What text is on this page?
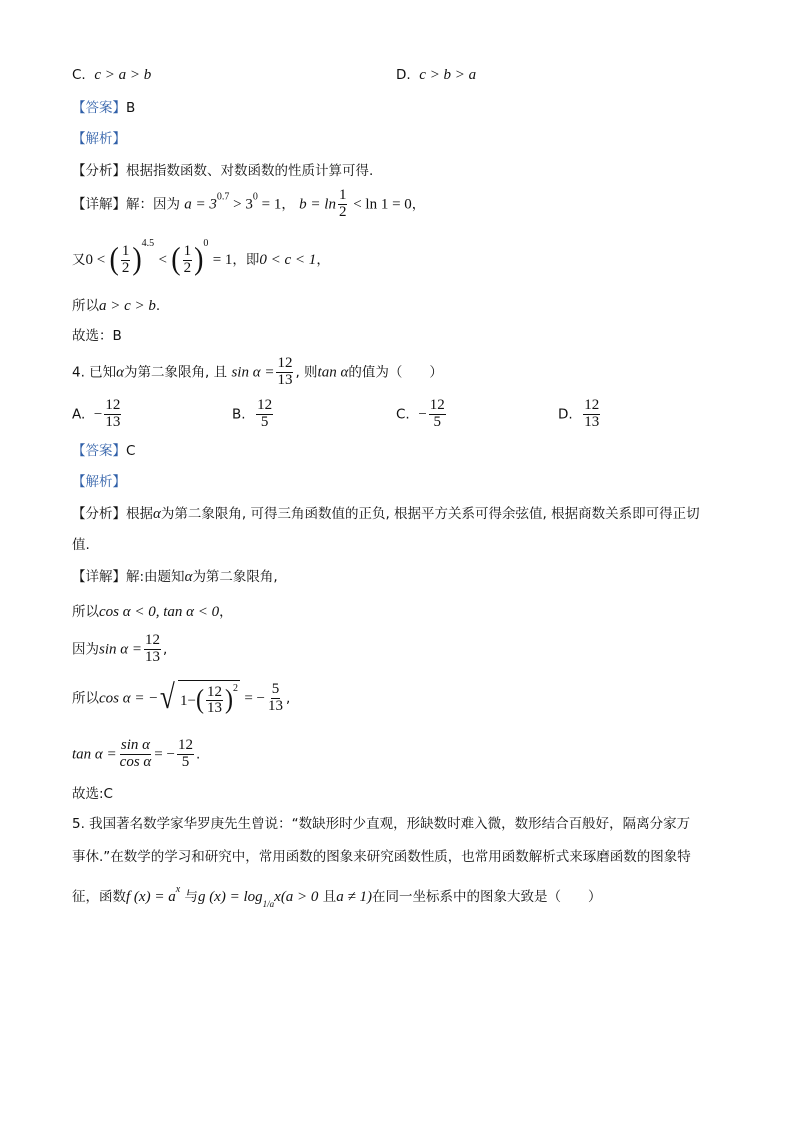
C. c > a > b	D. c > b > a
【答案】B
【解析】
【分析】根据指数函数、对数函数的性质计算可得.
【详解】解：因为 $a = 3^{0.7} > 3^0 = 1$， $b = \ln \frac{1}{2} < \ln 1 = 0$，
又0 < ( $\frac{1}{2} )^{4.5}$ < ( $\frac{1}{2} )^0 = 1$，即0 < c < 1，
所以a > c > b.
故选：B
4. 已知α为第二象限角, 且 $\sin \alpha = \frac{12}{13}$ , 则tan α的值为（　　）
A. − $\frac{12}{13}$	B. $\frac{12}{5}$	C. − $\frac{12}{5}$	D. $\frac{12}{13}$
【答案】C
【解析】
【分析】根据α为第二象限角, 可得三角函数值的正负, 根据平方关系可得余弦值, 根据商数关系即可得正切
值.
【详解】解:由题知α为第二象限角,
所以cos α < 0, tan α < 0，
因为$\sin \alpha = \frac{12}{13}$ ,
所以cos α = −√ $1-( \frac{12}{13} )^2$ = − $\frac{5}{13}$ ,
$\tan \alpha = \frac{\text{sin α}}{\text{cos α}}$ = − $\frac{12}{5}$ .
故选:C
5. 我国著名数学家华罗庚先生曾说：“数缺形时少直观，形缺数时难入微，数形结合百般好，隔离分家万
事休.”在数学的学习和研究中，常用函数的图象来研究函数性质，也常用函数解析式来琢磨函数的图象特
征，函数f $(x) = a^x$ 与g $(x) = \log_{1/a}x(a > 0$ 且a ≠ 1)在同一坐标系中的图象大致是（　　）
